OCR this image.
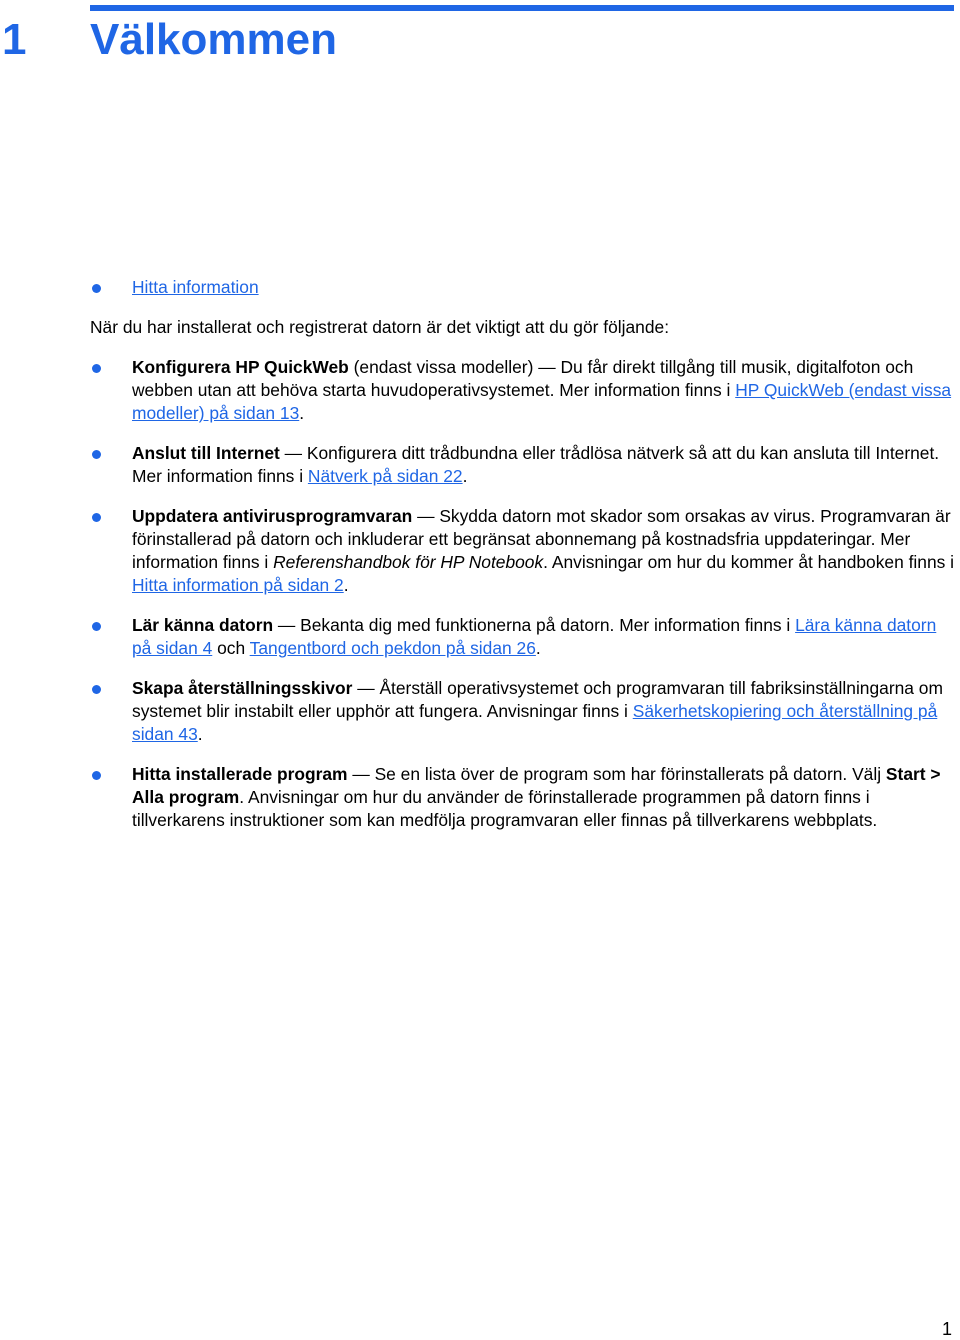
1 Välkommen
Hitta information

När du har installerat och registrerat datorn är det viktigt att du gör följande:

Konfigurera HP QuickWeb (endast vissa modeller) — Du får direkt tillgång till musik, digitalfoton och webben utan att behöva starta huvudoperativsystemet. Mer information finns i HP QuickWeb (endast vissa modeller) på sidan 13.
Anslut till Internet — Konfigurera ditt trådbundna eller trådlösa nätverk så att du kan ansluta till Internet. Mer information finns i Nätverk på sidan 22.
Uppdatera antivirusprogramvaran — Skydda datorn mot skador som orsakas av virus. Programvaran är förinstallerad på datorn och inkluderar ett begränsat abonnemang på kostnadsfria uppdateringar. Mer information finns i Referenshandbok för HP Notebook. Anvisningar om hur du kommer åt handboken finns i Hitta information på sidan 2.
Lär känna datorn — Bekanta dig med funktionerna på datorn. Mer information finns i Lära känna datorn på sidan 4 och Tangentbord och pekdon på sidan 26.
Skapa återställningsskivor — Återställ operativsystemet och programvaran till fabriksinställningarna om systemet blir instabilt eller upphör att fungera. Anvisningar finns i Säkerhetskopiering och återställning på sidan 43.
Hitta installerade program — Se en lista över de program som har förinstallerats på datorn. Välj Start > Alla program. Anvisningar om hur du använder de förinstallerade programmen på datorn finns i tillverkarens instruktioner som kan medfölja programvaran eller finnas på tillverkarens webbplats.
1
